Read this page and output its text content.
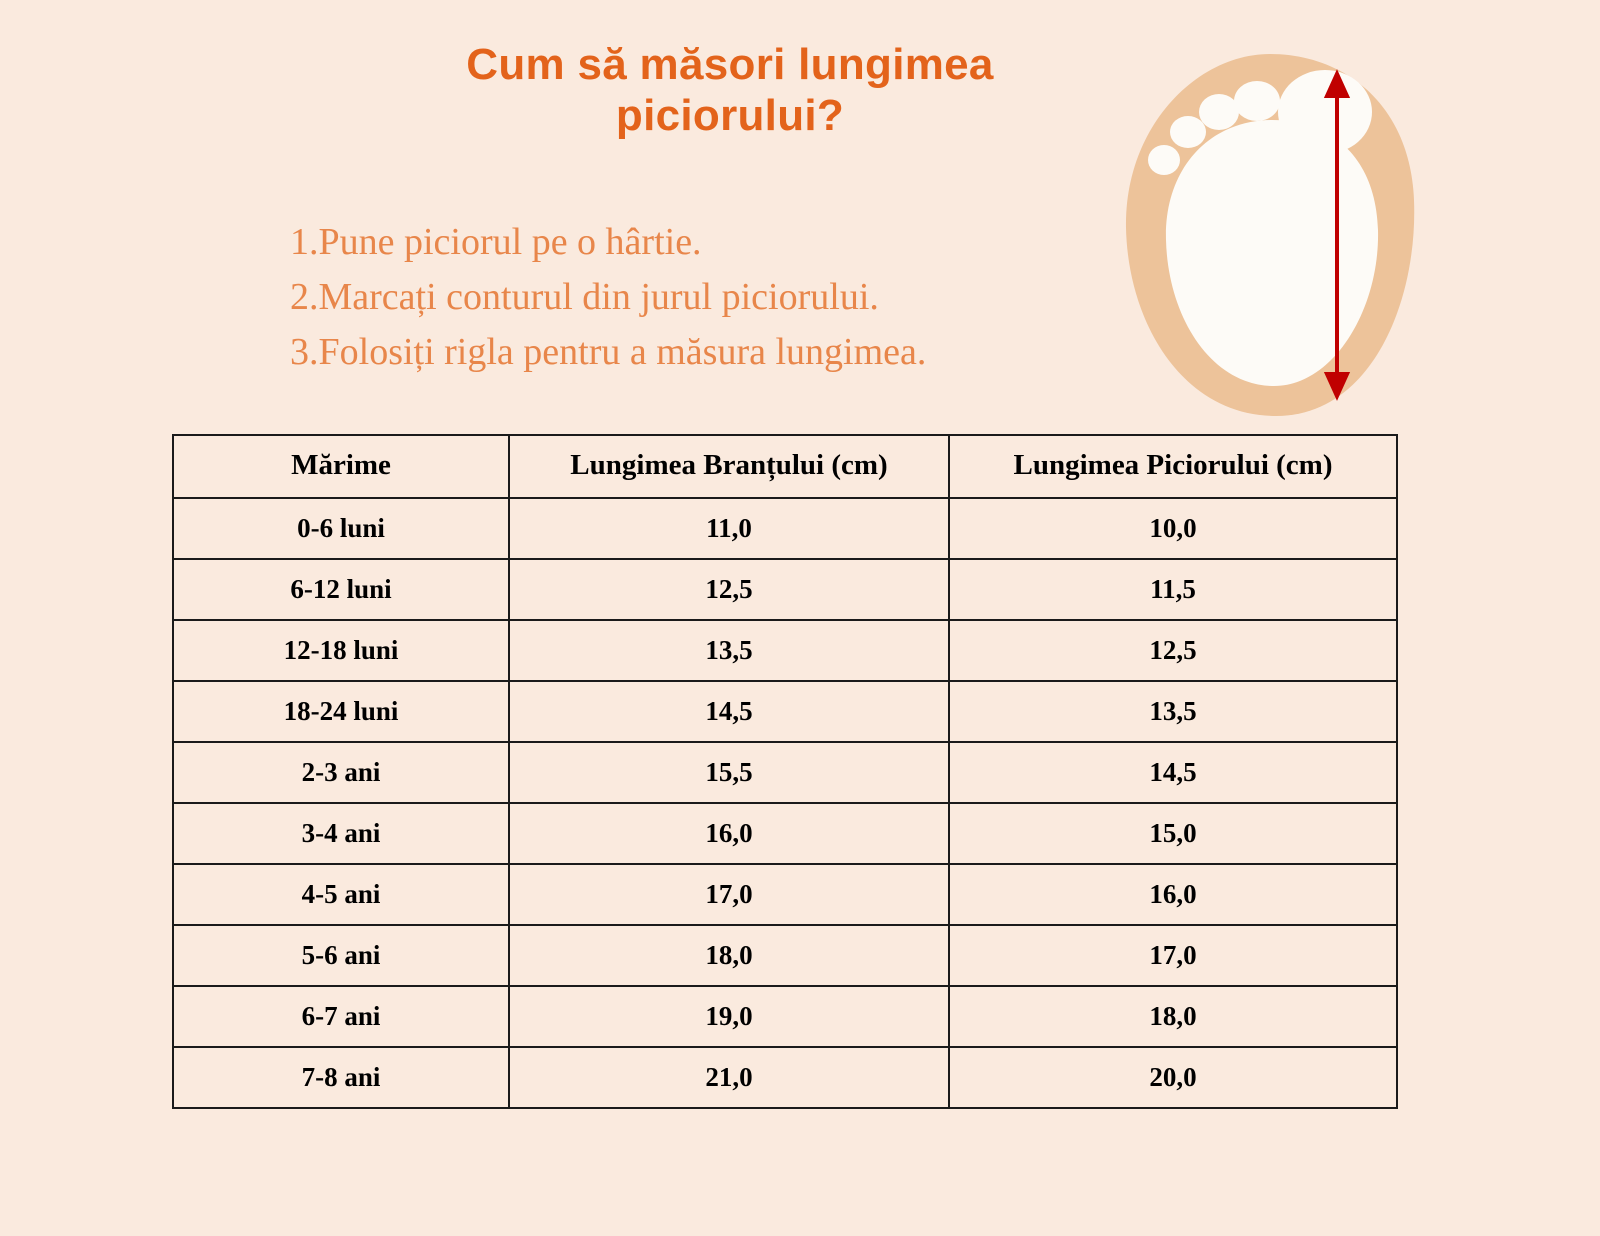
Cum să măsori lungimea
piciorului?
1.Pune piciorul pe o hârtie.
2.Marcați conturul din jurul piciorului.
3.Folosiți rigla pentru a măsura lungimea.
Mărime	Lungimea Branțului (cm)	Lungimea Piciorului (cm)
0-6 luni	11,0	10,0
6-12 luni	12,5	11,5
12-18 luni	13,5	12,5
18-24 luni	14,5	13,5
2-3 ani	15,5	14,5
3-4 ani	16,0	15,0
4-5 ani	17,0	16,0
5-6 ani	18,0	17,0
6-7 ani	19,0	18,0
7-8 ani	21,0	20,0
